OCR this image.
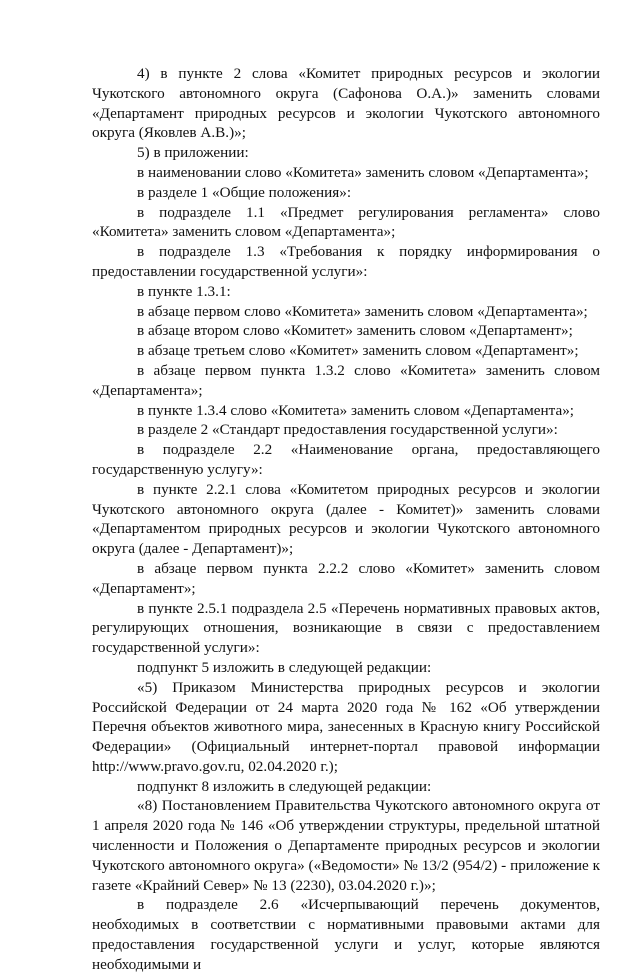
4) в пункте 2 слова «Комитет природных ресурсов и экологии Чукотского автономного округа (Сафонова О.А.)» заменить словами «Департамент природных ресурсов и экологии Чукотского автономного округа (Яковлев А.В.)»;

5) в приложении:

в наименовании слово «Комитета» заменить словом «Департамента»;

в разделе 1 «Общие положения»:

в подразделе 1.1 «Предмет регулирования регламента» слово «Комитета» заменить словом «Департамента»;

в подразделе 1.3 «Требования к порядку информирования о предоставлении государственной услуги»:

в пункте 1.3.1:

в абзаце первом слово «Комитета» заменить словом «Департамента»;

в абзаце втором слово «Комитет» заменить словом «Департамент»;

в абзаце третьем слово «Комитет» заменить словом «Департамент»;

в абзаце первом пункта 1.3.2 слово «Комитета» заменить словом «Департамента»;

в пункте 1.3.4 слово «Комитета» заменить словом «Департамента»;

в разделе 2 «Стандарт предоставления государственной услуги»:

в подразделе 2.2 «Наименование органа, предоставляющего государственную услугу»:

в пункте 2.2.1 слова «Комитетом природных ресурсов и экологии Чукотского автономного округа (далее - Комитет)» заменить словами «Департаментом природных ресурсов и экологии Чукотского автономного округа (далее - Департамент)»;

в абзаце первом пункта 2.2.2 слово «Комитет» заменить словом «Департамент»;

в пункте 2.5.1 подраздела 2.5 «Перечень нормативных правовых актов, регулирующих отношения, возникающие в связи с предоставлением государственной услуги»:

подпункт 5 изложить в следующей редакции:

«5) Приказом Министерства природных ресурсов и экологии Российской Федерации от 24 марта 2020 года № 162 «Об утверждении Перечня объектов животного мира, занесенных в Красную книгу Российской Федерации» (Официальный интернет-портал правовой информации http://www.pravo.gov.ru, 02.04.2020 г.);

подпункт 8 изложить в следующей редакции:

«8) Постановлением Правительства Чукотского автономного округа от 1 апреля 2020 года № 146 «Об утверждении структуры, предельной штатной численности и Положения о Департаменте природных ресурсов и экологии Чукотского автономного округа» («Ведомости» № 13/2 (954/2) - приложение к газете «Крайний Север» № 13 (2230), 03.04.2020 г.)»;

в подразделе 2.6 «Исчерпывающий перечень документов, необходимых в соответствии с нормативными правовыми актами для предоставления государственной услуги и услуг, которые являются необходимыми и
